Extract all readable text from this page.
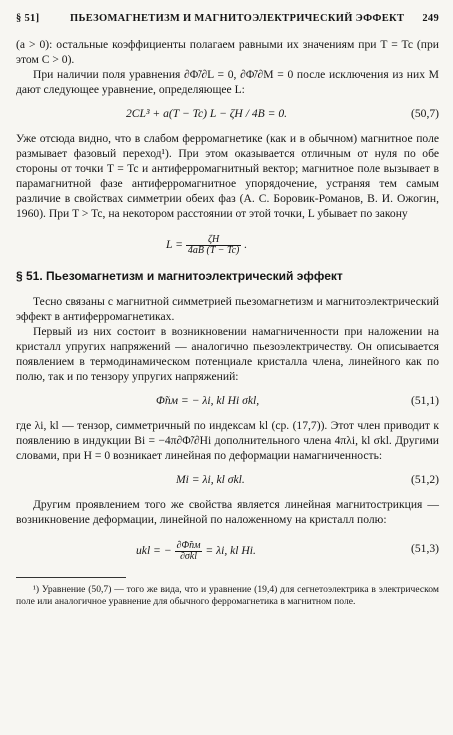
§ 51]	ПЬЕЗОМАГНЕТИЗМ И МАГНИТОЭЛЕКТРИЧЕСКИЙ ЭФФЕКТ 249

(a > 0): остальные коэффициенты полагаем равными их значениям при T = Tc (при этом C > 0).

При наличии поля уравнения ∂Φ̃/∂L = 0, ∂Φ̃/∂M = 0 после исключения из них M дают следующее уравнение, определяющее L:

2CL³ + a(T − Tc) L − ζH / 4B = 0.	(50,7)

Уже отсюда видно, что в слабом ферромагнетике (как и в обычном) магнитное поле размывает фазовый переход¹). При этом оказывается отличным от нуля по обе стороны от точки T = Tc и антиферромагнитный вектор; магнитное поле вызывает в парамагнитной фазе антиферромагнитное упорядочение, устраняя тем самым различие в свойствах симметрии обеих фаз (А. С. Боровик-Романов, В. И. Ожогин, 1960). При T > Tc, на некотором расстоянии от этой точки, L убывает по закону

$L = \frac{\zeta H}{4aB (T - Tc)}$ .
§ 51. Пьезомагнетизм и магнитоэлектрический эффект

Тесно связаны с магнитной симметрией пьезомагнетизм и магнитоэлектрический эффект в антиферромагнетиках.

Первый из них состоит в возникновении намагниченности при наложении на кристалл упругих напряжений — аналогично пьезоэлектричеству. Он описывается появлением в термодинамическом потенциале кристалла члена, линейного как по полю, так и по тензору упругих напряжений:

Φ̃пм = − λi, kl Hi σkl,	(51,1)

где λi, kl — тензор, симметричный по индексам kl (ср. (17,7)). Этот член приводит к появлению в индукции Bi = −4π∂Φ̃/∂Hi дополнительного члена 4πλi, kl σkl. Другими словами, при H = 0 возникает линейная по деформации намагниченность:

Mi = λi, kl σkl.	(51,2)

Другим проявлением того же свойства является линейная магнитострикция — возникновение деформации, линейной по наложенному на кристалл полю:

ukl = − $\frac{\partial\Phĩпм}{\text{∂σkl}} = \lambda i$, kl Hi.	(51,3)

¹) Уравнение (50,7) — того же вида, что и уравнение (19,4) для сегнетоэлектрика в электрическом поле или аналогичное уравнение для обычного ферромагнетика в магнитном поле.
